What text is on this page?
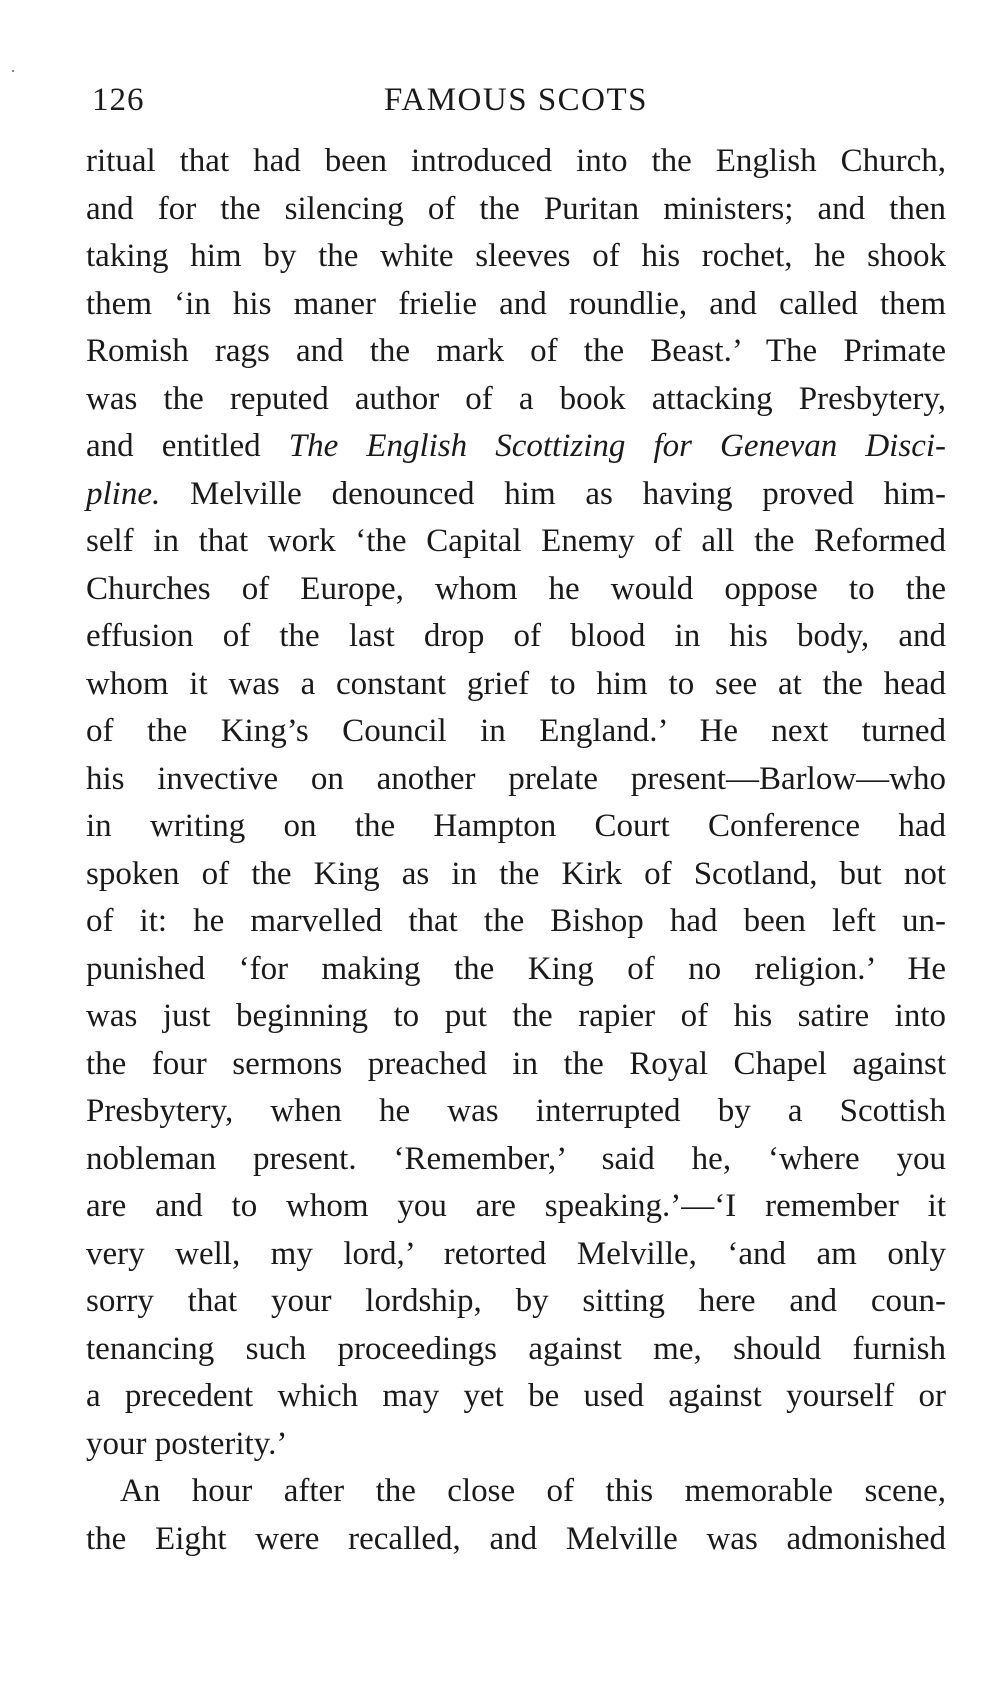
126	FAMOUS SCOTS
ritual that had been introduced into the English Church,
and for the silencing of the Puritan ministers; and then
taking him by the white sleeves of his rochet, he shook
them ‘in his maner frielie and roundlie, and called them
Romish rags and the mark of the Beast.’ The Primate
was the reputed author of a book attacking Presbytery,
and entitled The English Scottizing for Genevan Disci-
pline. Melville denounced him as having proved him-
self in that work ‘the Capital Enemy of all the Reformed
Churches of Europe, whom he would oppose to the
effusion of the last drop of blood in his body, and
whom it was a constant grief to him to see at the head
of the King’s Council in England.’ He next turned
his invective on another prelate present—Barlow—who
in writing on the Hampton Court Conference had
spoken of the King as in the Kirk of Scotland, but not
of it: he marvelled that the Bishop had been left un-
punished ‘for making the King of no religion.’ He
was just beginning to put the rapier of his satire into
the four sermons preached in the Royal Chapel against
Presbytery, when he was interrupted by a Scottish
nobleman present. ‘Remember,’ said he, ‘where you
are and to whom you are speaking.’—‘I remember it
very well, my lord,’ retorted Melville, ‘and am only
sorry that your lordship, by sitting here and coun-
tenancing such proceedings against me, should furnish
a precedent which may yet be used against yourself or
your posterity.’
An hour after the close of this memorable scene,
the Eight were recalled, and Melville was admonished
